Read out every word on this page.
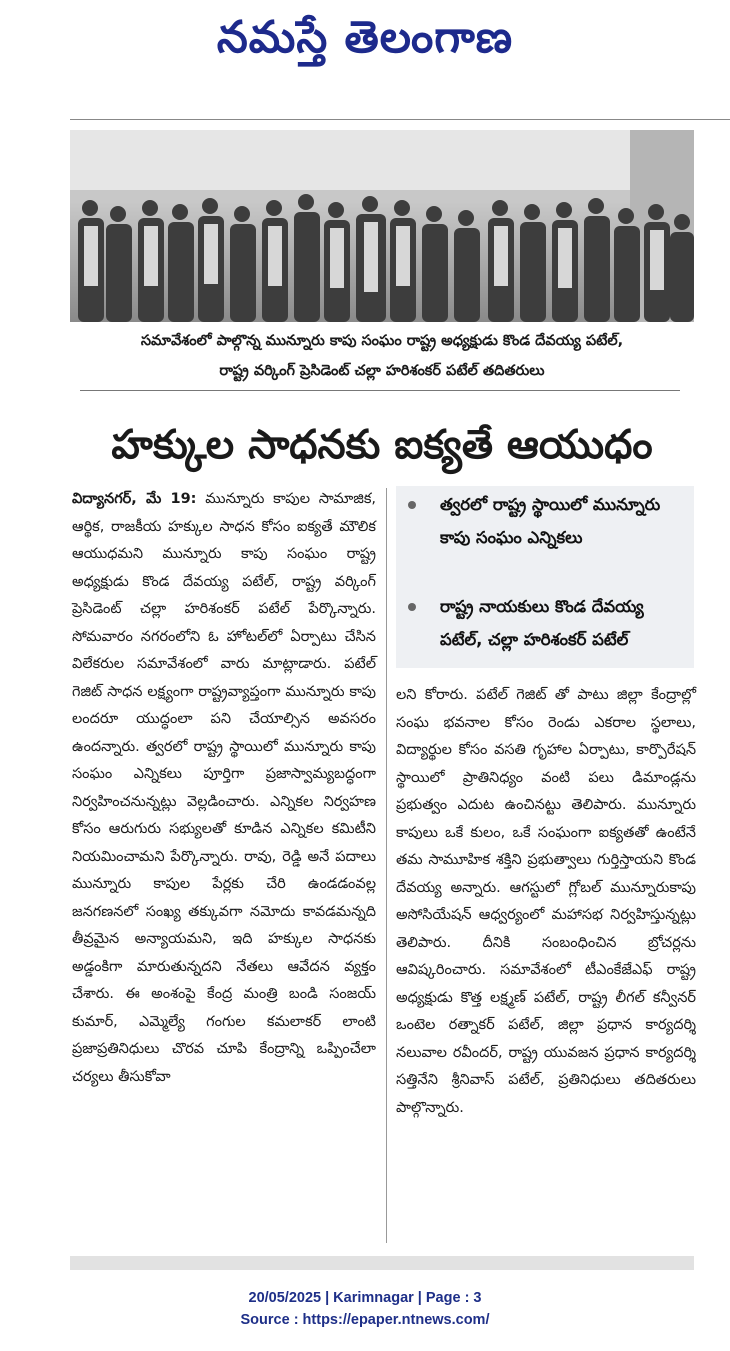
నమస్తే తెలంగాణ
సమావేశంలో పాల్గొన్న మున్నూరు కాపు సంఘం రాష్ట్ర అధ్యక్షుడు కొండ దేవయ్య పటేల్,
రాష్ట్ర వర్కింగ్ ప్రెసిడెంట్ చల్లా హరిశంకర్ పటేల్ తదితరులు
హక్కుల సాధనకు ఐక్యతే ఆయుధం

విద్యానగర్, మే 19: మున్నూరు కాపుల సామాజిక, ఆర్థిక, రాజకీయ హక్కుల సాధన కోసం ఐక్యతే మౌలిక ఆయుధమని మున్నూరు కాపు సంఘం రాష్ట్ర అధ్యక్షుడు కొండ దేవయ్య పటేల్, రాష్ట్ర వర్కింగ్ ప్రెసిడెంట్ చల్లా హరిశంకర్ పటేల్ పేర్కొన్నారు. సోమవారం నగరంలోని ఓ హోటల్‌లో ఏర్పాటు చేసిన విలేకరుల సమావేశంలో వారు మాట్లాడారు. పటేల్ గెజిట్ సాధన లక్ష్యంగా రాష్ట్రవ్యాప్తంగా మున్నూరు కాపు లందరూ యుద్ధంలా పని చేయాల్సిన అవసరం ఉందన్నారు. త్వరలో రాష్ట్ర స్థాయిలో మున్నూరు కాపు సంఘం ఎన్నికలు పూర్తిగా ప్రజాస్వామ్యబద్ధంగా నిర్వహించనున్నట్లు వెల్లడించారు. ఎన్నికల నిర్వహణ కోసం ఆరుగురు సభ్యులతో కూడిన ఎన్నికల కమిటీని నియమించామని పేర్కొన్నారు. రావు, రెడ్డి అనే పదాలు మున్నూరు కాపుల పేర్లకు చేరి ఉండడంవల్ల జనగణనలో సంఖ్య తక్కువగా నమోదు కావడమన్నది తీవ్రమైన అన్యాయమని, ఇది హక్కుల సాధనకు అడ్డంకిగా మారుతున్నదని నేతలు ఆవేదన వ్యక్తం చేశారు. ఈ అంశంపై కేంద్ర మంత్రి బండి సంజయ్ కుమార్, ఎమ్మెల్యే గంగుల కమలాకర్ లాంటి ప్రజాప్రతినిధులు చొరవ చూపి కేంద్రాన్ని ఒప్పించేలా చర్యలు తీసుకోవా

త్వరలో రాష్ట్ర స్థాయిలో మున్నూరు కాపు సంఘం ఎన్నికలు
రాష్ట్ర నాయకులు కొండ దేవయ్య పటేల్, చల్లా హరిశంకర్ పటేల్

లని కోరారు. పటేల్ గెజిట్ తో పాటు జిల్లా కేంద్రాల్లో సంఘ భవనాల కోసం రెండు ఎకరాల స్థలాలు, విద్యార్థుల కోసం వసతి గృహాల ఏర్పాటు, కార్పొరేషన్ స్థాయిలో ప్రాతినిధ్యం వంటి పలు డిమాండ్లను ప్రభుత్వం ఎదుట ఉంచినట్టు తెలిపారు. మున్నూరు కాపులు ఒకే కులం, ఒకే సంఘంగా ఐక్యతతో ఉంటేనే తమ సామూహిక శక్తిని ప్రభుత్వాలు గుర్తిస్తాయని కొండ దేవయ్య అన్నారు. ఆగస్టులో గ్లోబల్ మున్నూరుకాపు అసోసియేషన్ ఆధ్వర్యంలో మహాసభ నిర్వహిస్తున్నట్లు తెలిపారు. దీనికి సంబంధించిన బ్రోచర్లను ఆవిష్కరించారు. సమావేశంలో టీఎంకేజేఎఫ్ రాష్ట్ర అధ్యక్షుడు కొత్త లక్ష్మణ్ పటేల్, రాష్ట్ర లీగల్ కన్వీనర్ ఒంటెల రత్నాకర్ పటేల్, జిల్లా ప్రధాన కార్యదర్శి నలువాల రవీందర్, రాష్ట్ర యువజన ప్రధాన కార్యదర్శి సత్తినేని శ్రీనివాస్ పటేల్, ప్రతినిధులు తదితరులు పాల్గొన్నారు.

20/05/2025 | Karimnagar | Page : 3
Source : https://epaper.ntnews.com/
